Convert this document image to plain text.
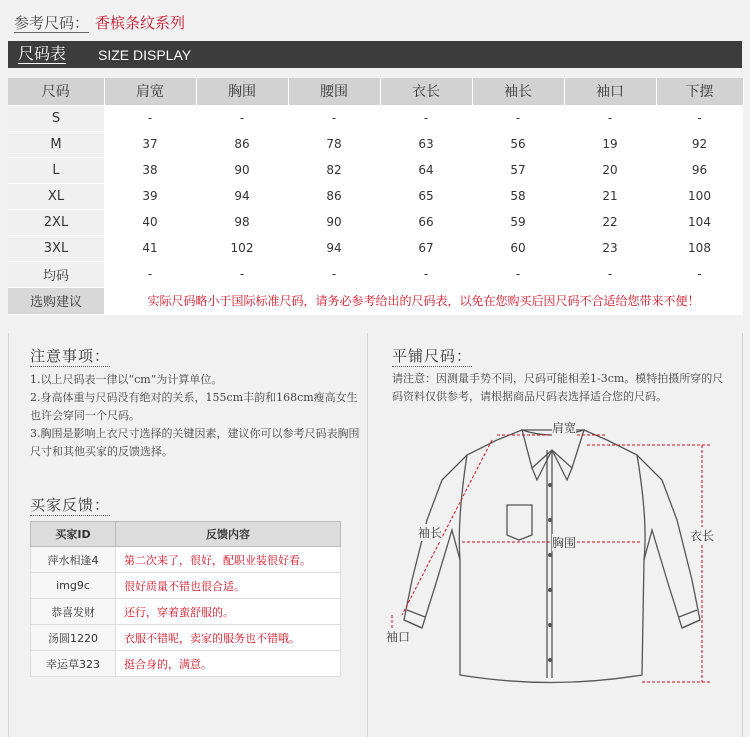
参考尺码： 香槟条纹系列
尺码表 SIZE DISPLAY
尺码	肩宽	胸围	腰围	衣长	袖长	袖口	下摆
S	-	-	-	-	-	-	-
M	37	86	78	63	56	19	92
L	38	90	82	64	57	20	96
XL	39	94	86	65	58	21	100
2XL	40	98	90	66	59	22	104
3XL	41	102	94	67	60	23	108
均码	-	-	-	-	-	-	-
选购建议	实际尺码略小于国际标准尺码，请务必参考给出的尺码表，以免在您购买后因尺码不合适给您带来不便！						
注意事项：

1.以上尺码表一律以“cm”为计算单位。

2.身高体重与尺码没有绝对的关系，155cm丰韵和168cm瘦高女生也许会穿同一个尺码。

3.胸围是影响上衣尺寸选择的关键因素，建议你可以参考尺码表胸围尺寸和其他买家的反馈选择。

买家反馈：
买家ID	反馈内容
萍水相逢4	第二次来了，很好，配职业装很好看。
img9c	很好质量不错也很合适。
恭喜发财	还行，穿着蛮舒服的。
汤圆1220	衣服不错呢，卖家的服务也不错哦。
幸运草323	挺合身的，满意。
平铺尺码：
请注意：因测量手势不同，尺码可能相差1-3cm。模特拍摄所穿的尺码资料仅供参考，请根据商品尺码表选择适合您的尺码。
肩宽
袖长
胸围	衣长
袖口
